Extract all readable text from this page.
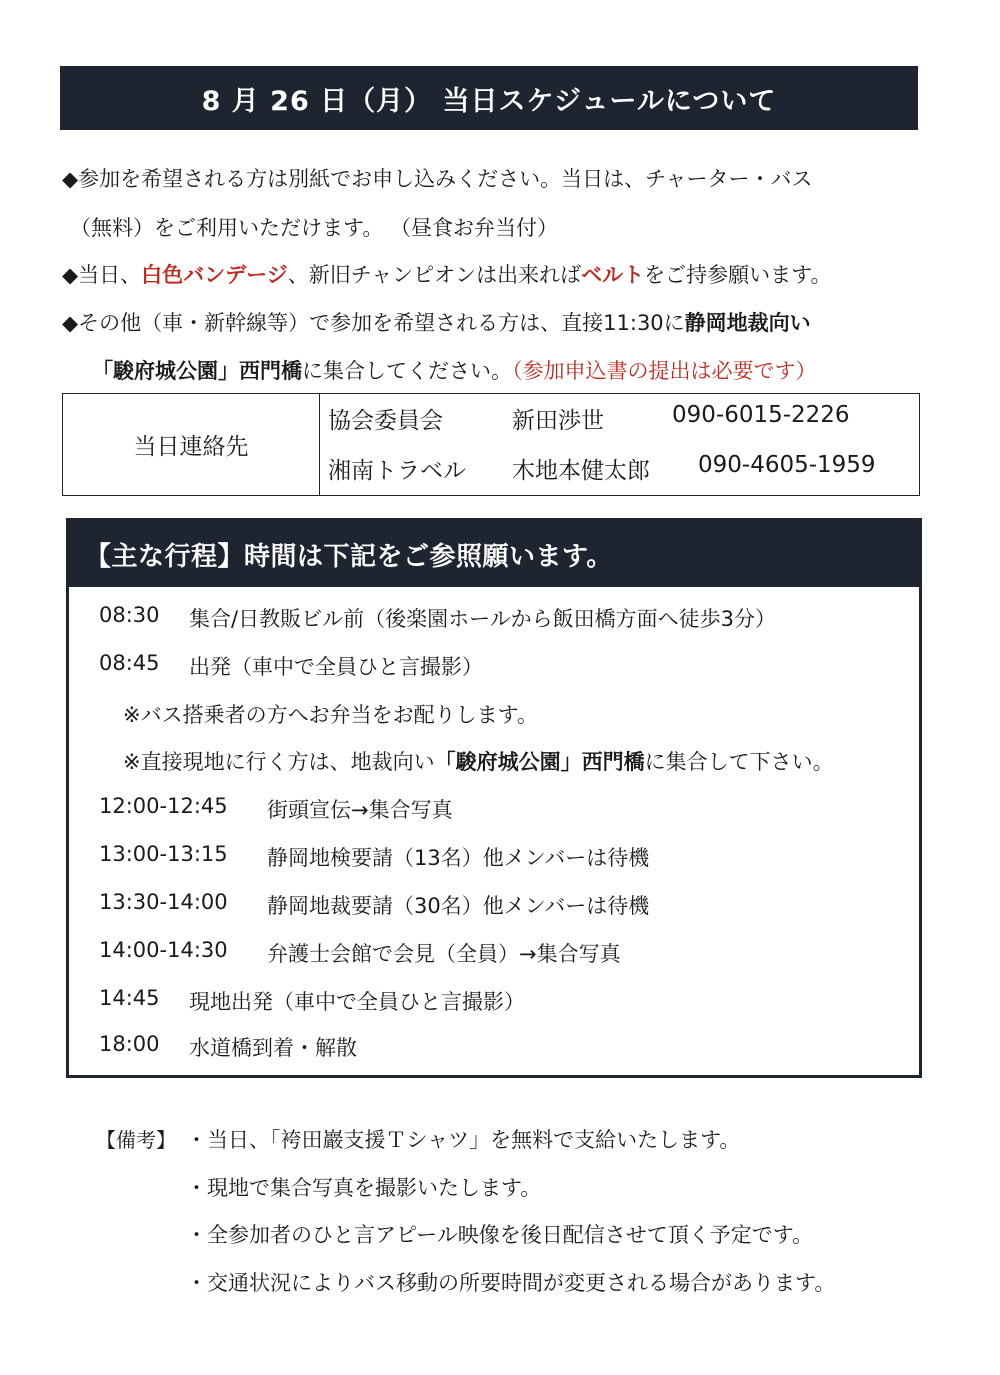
8 月 26 日（月） 当日スケジュールについて
◆参加を希望される方は別紙でお申し込みください。当日は、チャーター・バス
（無料）をご利用いただけます。 （昼食お弁当付）
◆当日、白色バンデージ、新旧チャンピオンは出来ればベルトをご持参願います。
◆その他（車・新幹線等）で参加を希望される方は、直接11:30に静岡地裁向い
「駿府城公園」西門橋に集合してください。（参加申込書の提出は必要です）
当日連絡先
協会委員会	新田渉世	090-6015-2226
湘南トラベル 木地本健太郎 090-4605-1959
【主な行程】時間は下記をご参照願います。
08:30 集合/日教販ビル前（後楽園ホールから飯田橋方面へ徒歩3分）
08:45 出発（車中で全員ひと言撮影）
※バス搭乗者の方へお弁当をお配りします。
※直接現地に行く方は、地裁向い「駿府城公園」西門橋に集合して下さい。
12:00-12:45 街頭宣伝→集合写真
13:00-13:15 静岡地検要請（13名）他メンバーは待機
13:30-14:00 静岡地裁要請（30名）他メンバーは待機
14:00-14:30 弁護士会館で会見（全員）→集合写真
14:45 現地出発（車中で全員ひと言撮影）
18:00 水道橋到着・解散
【備考】 ・当日、「袴田巖支援Ｔシャツ」を無料で支給いたします。
・現地で集合写真を撮影いたします。
・全参加者のひと言アピール映像を後日配信させて頂く予定です。
・交通状況によりバス移動の所要時間が変更される場合があります。
